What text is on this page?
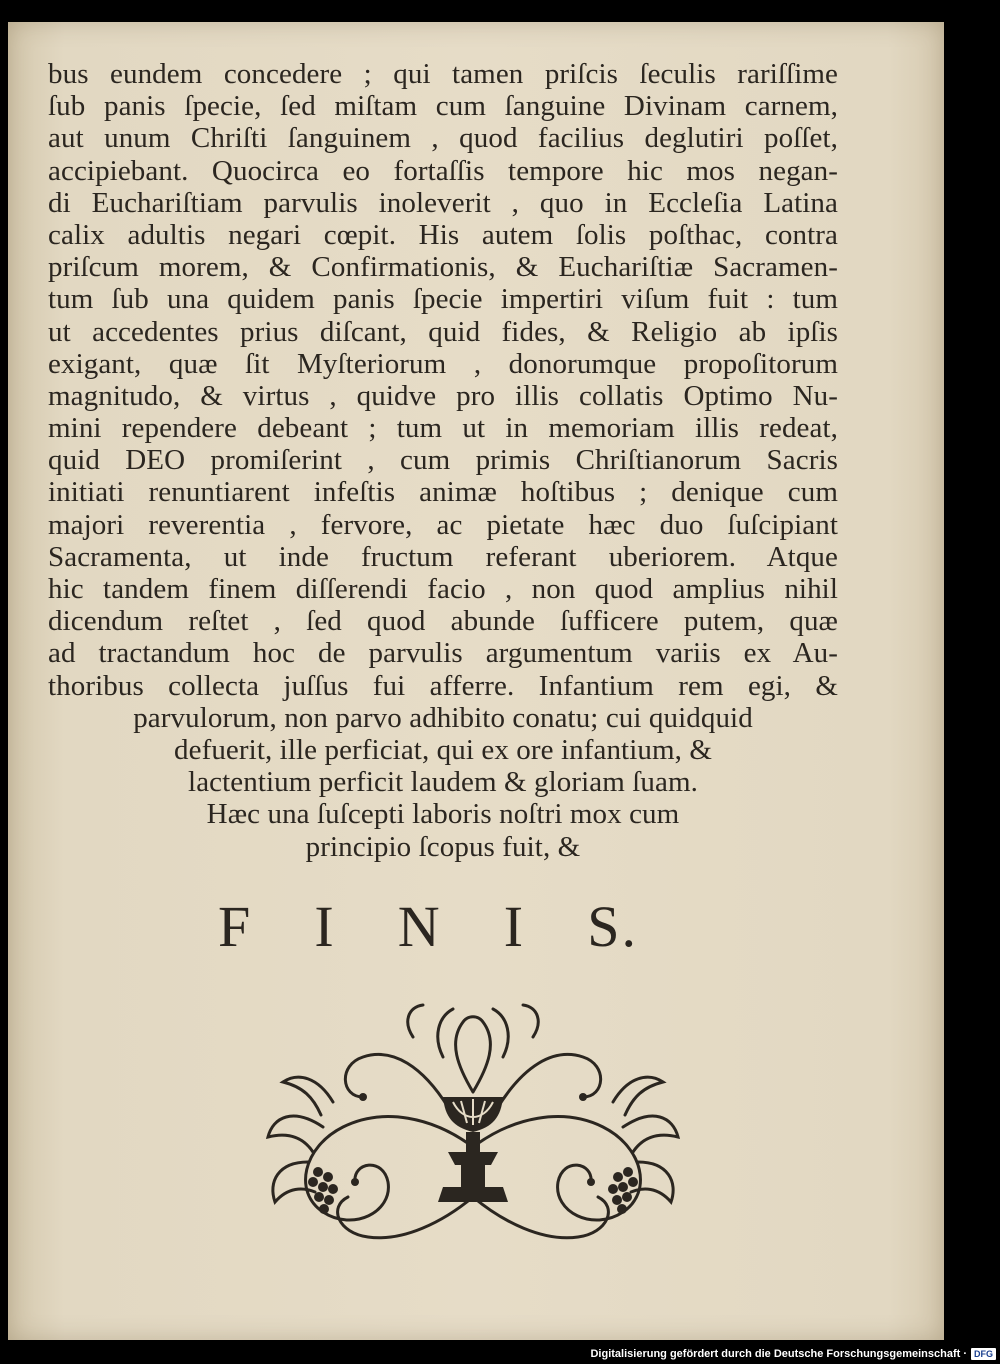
bus eundem concedere ; qui tamen priſcis ſeculis rariſſime
ſub panis ſpecie, ſed miſtam cum ſanguine Divinam carnem,
aut unum Chriſti ſanguinem , quod facilius deglutiri poſſet,
accipiebant. Quocirca eo fortaſſis tempore hic mos negan-
di Euchariſtiam parvulis inoleverit , quo in Eccleſia Latina
calix adultis negari cœpit. His autem ſolis poſthac, contra
priſcum morem, & Confirmationis, & Euchariſtiæ Sacramen-
tum ſub una quidem panis ſpecie impertiri viſum fuit : tum
ut accedentes prius diſcant, quid fides, & Religio ab ipſis
exigant, quæ ſit Myſteriorum , donorumque propoſitorum
magnitudo, & virtus , quidve pro illis collatis Optimo Nu-
mini rependere debeant ; tum ut in memoriam illis redeat,
quid DEO promiſerint , cum primis Chriſtianorum Sacris
initiati renuntiarent infeſtis animæ hoſtibus ; denique cum
majori reverentia , fervore, ac pietate hæc duo ſuſcipiant
Sacramenta, ut inde fructum referant uberiorem. Atque
hic tandem finem diſſerendi facio , non quod amplius nihil
dicendum reſtet , ſed quod abunde ſufficere putem, quæ
ad tractandum hoc de parvulis argumentum variis ex Au-
thoribus collecta juſſus fui afferre. Infantium rem egi, &
parvulorum, non parvo adhibito conatu; cui quidquid
defuerit, ille perficiat, qui ex ore infantium, &
lactentium perficit laudem & gloriam ſuam.
Hæc una ſuſcepti laboris noſtri mox cum
principio ſcopus fuit, &
F I N I S.
Digitalisierung gefördert durch die Deutsche Forschungsgemeinschaft · DFG
